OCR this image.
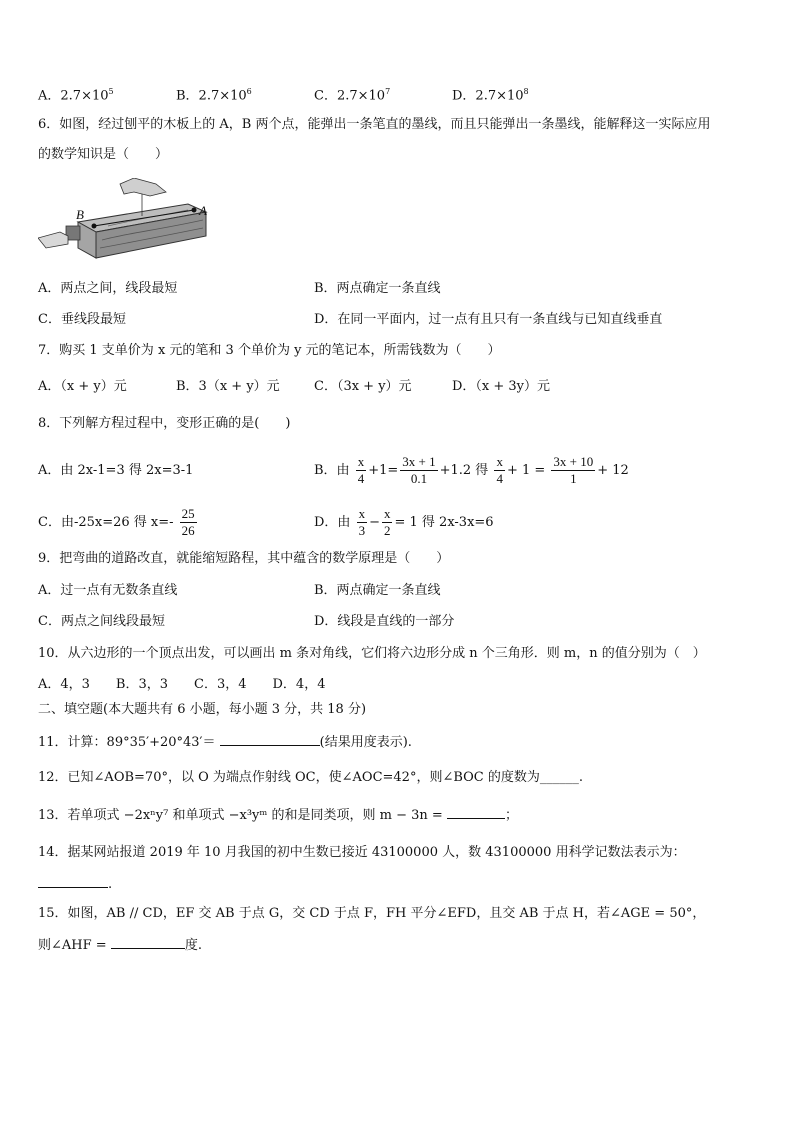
A．$2.7\times 10^5$	B．$2.7\times 10^6$	C．$2.7\times 10^7$	D．$2.7\times 10^8$
6．如图，经过刨平的木板上的 A，B 两个点，能弹出一条笔直的墨线，而且只能弹出一条墨线，能解释这一实际应用
的数学知识是（　　）
B	A
A．两点之间，线段最短	B．两点确定一条直线
C．垂线段最短	D．在同一平面内，过一点有且只有一条直线与已知直线垂直
7．购买 1 支单价为 x 元的笔和 3 个单价为 y 元的笔记本，所需钱数为（　　）
A．（x + y）元	B．3（x + y）元	C．（3x + y）元	D．（x + 3y）元
8．下列解方程过程中，变形正确的是(　　)
A．由 2x-1=3 得 2x=3-1	B．由 $\frac{x}{4} +1= \frac{3x + 1}{0.1} +1.2$ 得 $\frac{x}{4} + 1 = \frac{3x + 10}{1} + 12$
C．由-25x=26 得 $x=- \frac{25}{26}$	D．由 $\frac{x}{3} - \frac{x}{2} = 1$ 得 2x-3x=6
9．把弯曲的道路改直，就能缩短路程，其中蕴含的数学原理是（　　）
A．过一点有无数条直线	B．两点确定一条直线
C．两点之间线段最短	D．线段是直线的一部分
10．从六边形的一个顶点出发，可以画出 m 条对角线，它们将六边形分成 n 个三角形．则 m，n 的值分别为（　）
A．4，3　　B．3，3　　C．3，4　　D．4，4
二、填空题(本大题共有 6 小题，每小题 3 分，共 18 分)
11．计算：89°35′+20°43′＝	(结果用度表示).
12．已知∠AOB=70°，以 O 为端点作射线 OC，使∠AOC=42°，则∠BOC 的度数为______.
13．若单项式 −2xⁿy⁷ 和单项式 −x³yᵐ 的和是同类项，则 m − 3n =	；
14．据某网站报道 2019 年 10 月我国的初中生数已接近 43100000 人，数 43100000 用科学记数法表示为：
.
15．如图，AB // CD，EF 交 AB 于点 G，交 CD 于点 F，FH 平分∠EFD，且交 AB 于点 H，若∠AGE = 50°，
则∠AHF =	度.
